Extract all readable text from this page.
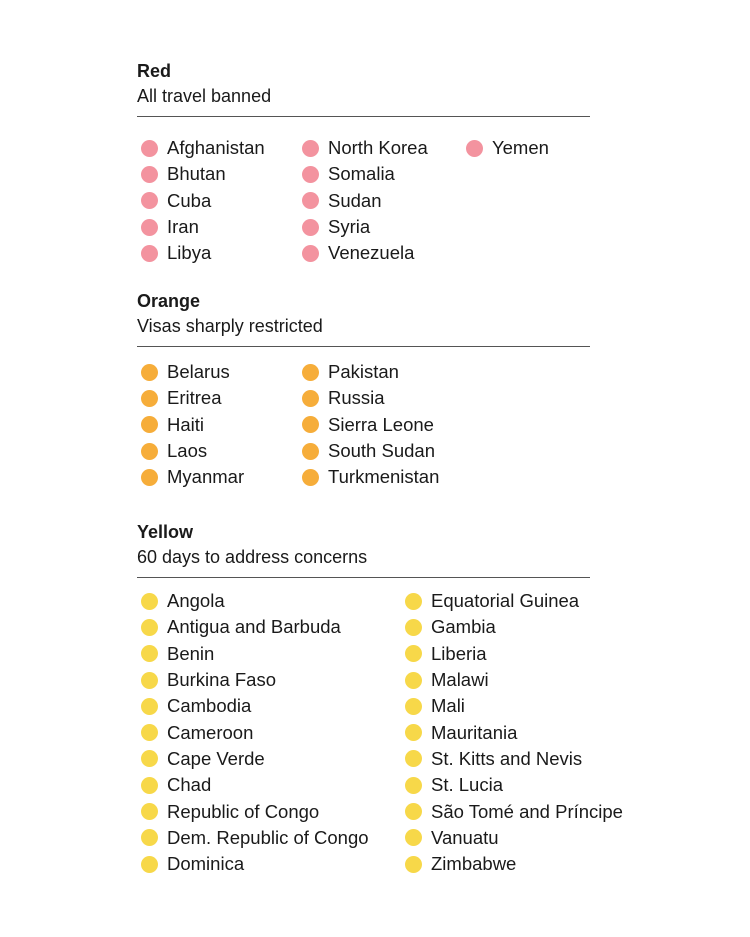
Red
All travel banned
Afghanistan
Bhutan
Cuba
Iran
Libya
North Korea
Somalia
Sudan
Syria
Venezuela
Yemen
Orange
Visas sharply restricted
Belarus
Eritrea
Haiti
Laos
Myanmar
Pakistan
Russia
Sierra Leone
South Sudan
Turkmenistan
Yellow
60 days to address concerns
Angola
Antigua and Barbuda
Benin
Burkina Faso
Cambodia
Cameroon
Cape Verde
Chad
Republic of Congo
Dem. Republic of Congo
Dominica
Equatorial Guinea
Gambia
Liberia
Malawi
Mali
Mauritania
St. Kitts and Nevis
St. Lucia
São Tomé and Príncipe
Vanuatu
Zimbabwe
